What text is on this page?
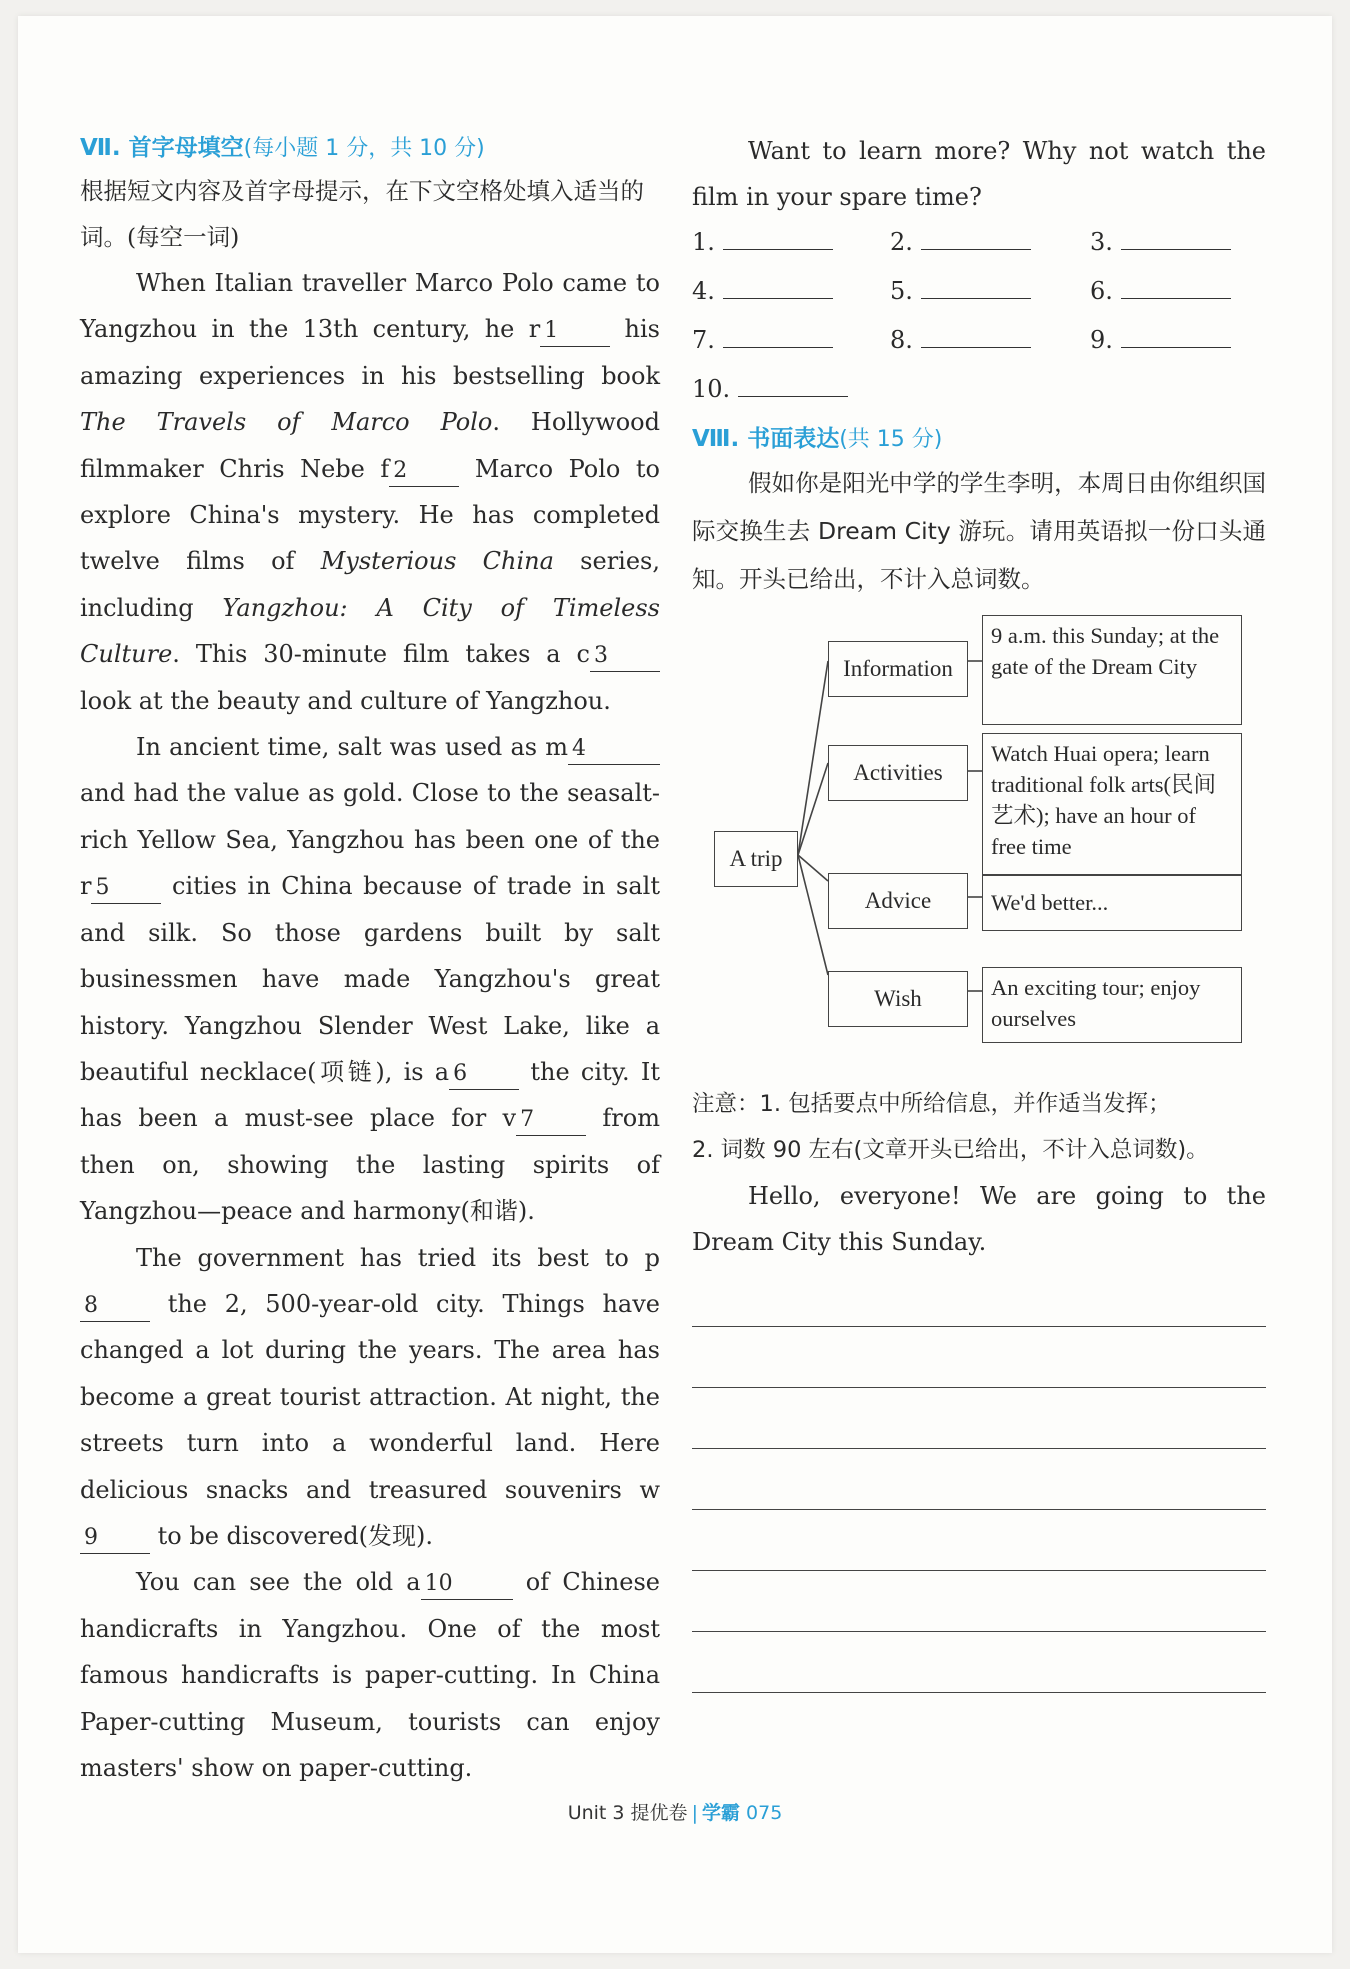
Ⅶ. 首字母填空(每小题 1 分，共 10 分)
根据短文内容及首字母提示，在下文空格处填入适当的词。(每空一词)
When Italian traveller Marco Polo came to Yangzhou in the 13th century, he r 1 his amazing experiences in his bestselling book The Travels of Marco Polo. Hollywood filmmaker Chris Nebe f 2 Marco Polo to explore China's mystery. He has completed twelve films of Mysterious China series, including Yangzhou: A City of Timeless Culture. This 30-minute film takes a c 3 look at the beauty and culture of Yangzhou.
In ancient time, salt was used as m 4 and had the value as gold. Close to the seasalt-rich Yellow Sea, Yangzhou has been one of the r 5 cities in China because of trade in salt and silk. So those gardens built by salt businessmen have made Yangzhou's great history. Yangzhou Slender West Lake, like a beautiful necklace(项链), is a 6 the city. It has been a must-see place for v 7 from then on, showing the lasting spirits of Yangzhou—peace and harmony(和谐).
The government has tried its best to p8 the 2, 500-year-old city. Things have changed a lot during the years. The area has become a great tourist attraction. At night, the streets turn into a wonderful land. Here delicious snacks and treasured souvenirs w9 to be discovered(发现).
You can see the old a 10	of Chinese handicrafts in Yangzhou. One of the most famous handicrafts is paper-cutting. In China Paper-cutting Museum, tourists can enjoy masters' show on paper-cutting.
Want to learn more? Why not watch the film in your spare time?
1.	2.	3.
4.	5.	6.
7.	8.	9.
10.
Ⅷ. 书面表达(共 15 分)
假如你是阳光中学的学生李明，本周日由你组织国际交换生去 Dream City 游玩。请用英语拟一份口头通知。开头已给出，不计入总词数。
A trip
Information
9 a.m. this Sunday; at the gate of the Dream City
Activities
Watch Huai opera; learn traditional folk arts(民间艺术); have an hour of free time
Advice	We'd better...
Wish	An exciting tour; enjoy ourselves
注意：1. 包括要点中所给信息，并作适当发挥；
2. 词数 90 左右(文章开头已给出，不计入总词数)。
Hello, everyone! We are going to the Dream City this Sunday.
Unit 3 提优卷 | 学霸 075
